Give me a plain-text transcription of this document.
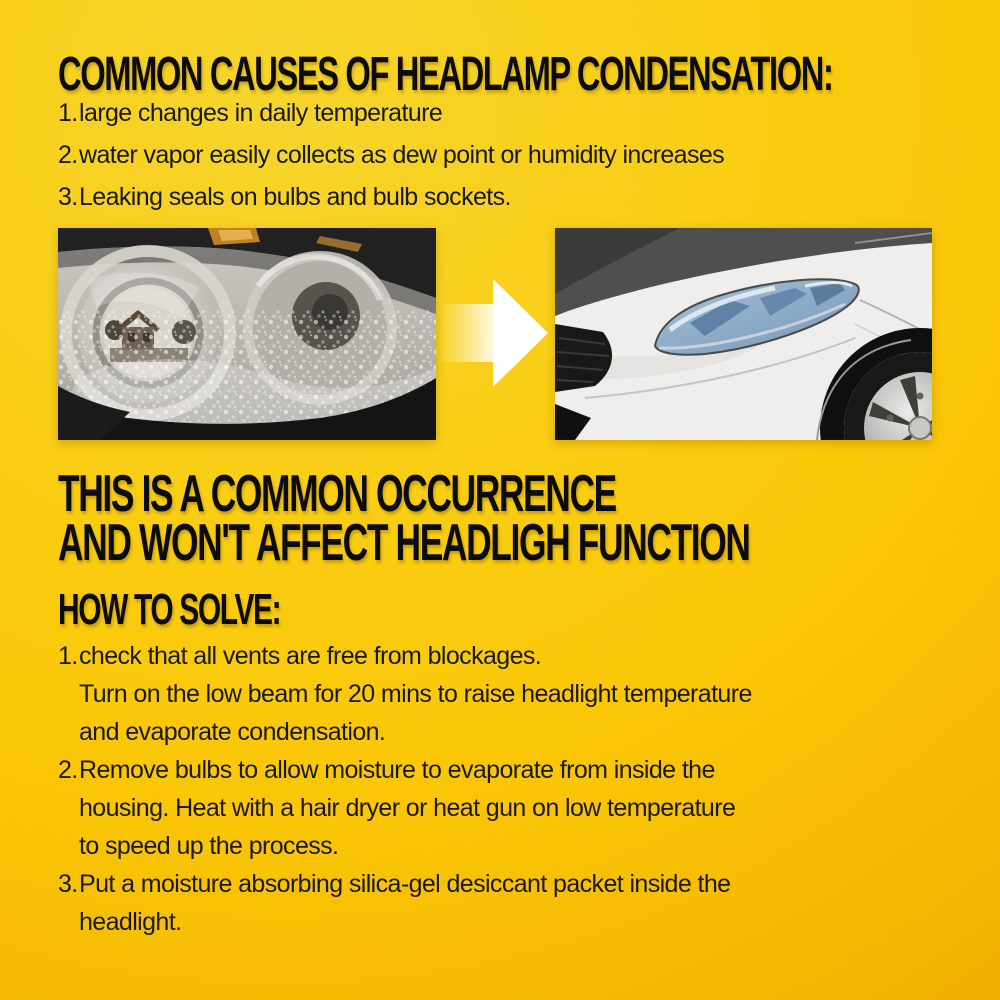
COMMON CAUSES OF HEADLAMP CONDENSATION:
1.large changes in daily temperature
2.water vapor easily collects as dew point or humidity increases
3.Leaking seals on bulbs and bulb sockets.
THIS IS A COMMON OCCURRENCE
AND WON'T AFFECT HEADLIGH FUNCTION
HOW TO SOLVE:
1.check that all vents are free from blockages.
Turn on the low beam for 20 mins to raise headlight temperature
and evaporate condensation.
2.Remove bulbs to allow moisture to evaporate from inside the
housing. Heat with a hair dryer or heat gun on low temperature
to speed up the process.
3.Put a moisture absorbing silica-gel desiccant packet inside the
headlight.
